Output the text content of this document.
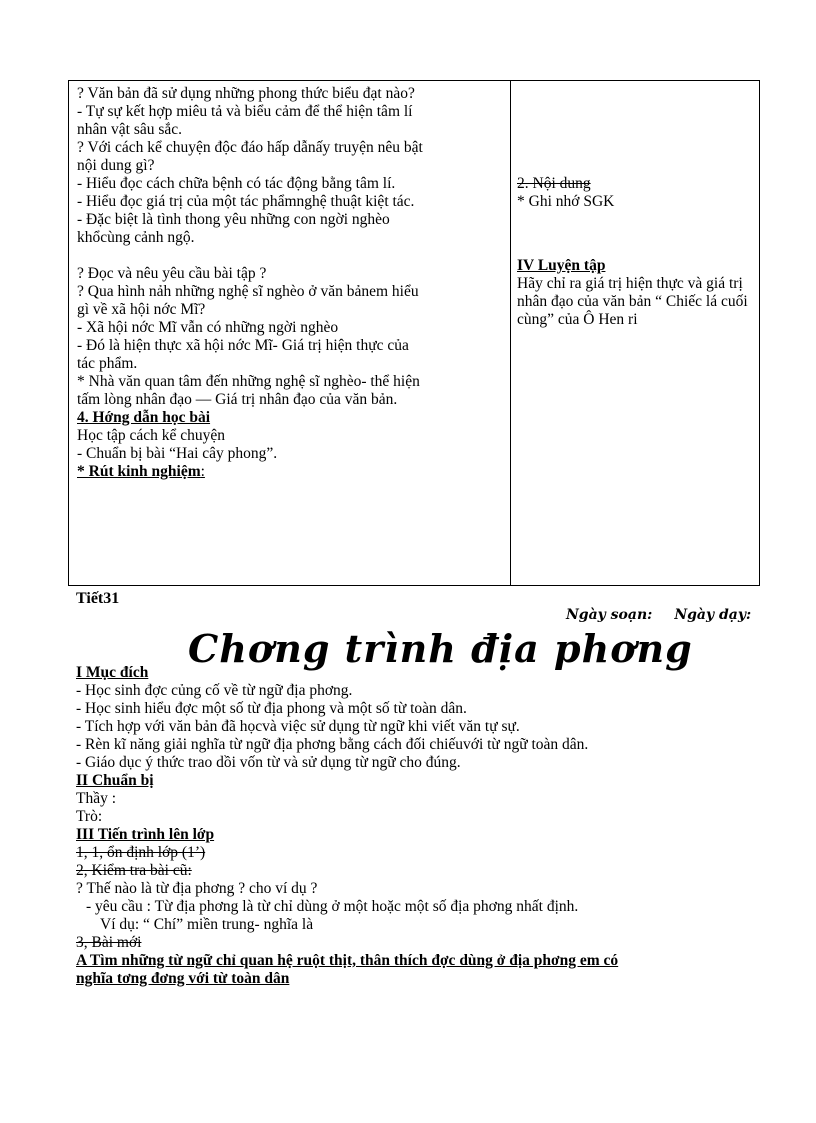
? Văn bản đã sử dụng những phong thức biểu đạt nào?
- Tự sự kết hợp miêu tả và biểu cảm để thể hiện tâm lí
nhân vật sâu sắc.
? Với cách kể chuyện độc đáo hấp dẫnấy truyện nêu bật
nội dung gì?
- Hiểu đọc cách chữa bệnh có tác động bằng tâm lí.
- Hiểu đọc giá trị của một tác phẩmnghệ thuật kiệt tác.
- Đặc biệt là tình thong yêu những con ngời nghèo
khổcùng cảnh ngộ.
? Đọc và nêu yêu cầu bài tập ?
? Qua hình nảh những nghệ sĩ nghèo ở văn bảnem hiểu
gì về xã hội nớc Mĩ?
- Xã hội nớc Mĩ vẫn có những ngời nghèo
- Đó là hiện thực xã hội nớc Mĩ- Giá trị hiện thực của
tác phẩm.
* Nhà văn quan tâm đến những nghệ sĩ nghèo- thể hiện
tấm lòng nhân đạo — Giá trị nhân đạo của văn bản.
4. Hớng dẫn học bài
Học tập cách kể chuyện
- Chuẩn bị bài “Hai cây phong”.
* Rút kinh nghiệm:
2. Nội dung
* Ghi nhớ SGK
IV Luyện tập
Hãy chỉ ra giá trị hiện thực và giá trị nhân đạo của văn bản “ Chiếc lá cuối cùng” của Ô Hen ri
Tiết31
Ngày soạn: Ngày dạy:
Chơng trình địa phơng
I Mục đích
- Học sinh đợc củng cố về từ ngữ địa phơng.
- Học sinh hiểu đợc một số từ địa phong và một số từ toàn dân.
- Tích hợp với văn bản đã họcvà việc sử dụng từ ngữ khi viết văn tự sự.
- Rèn kĩ năng giải nghĩa từ ngữ địa phơng bằng cách đối chiếuvới từ ngữ toàn dân.
- Giáo dục ý thức trao dồi vốn từ và sử dụng từ ngữ cho đúng.
II Chuẩn bị
Thầy :
Trò:
III Tiến trình lên lớp
1, 1, ổn định lớp (1’)
2, Kiểm tra bài cũ:
? Thế nào là từ địa phơng ? cho ví dụ ?
- yêu cầu : Từ địa phơng là từ chỉ dùng ở một hoặc một số địa phơng nhất định.
Ví dụ: “ Chí” miền trung- nghĩa là
3, Bài mới
A Tìm những từ ngữ chỉ quan hệ ruột thịt, thân thích đợc dùng ở địa phơng em có
nghĩa tơng đơng với từ toàn dân
